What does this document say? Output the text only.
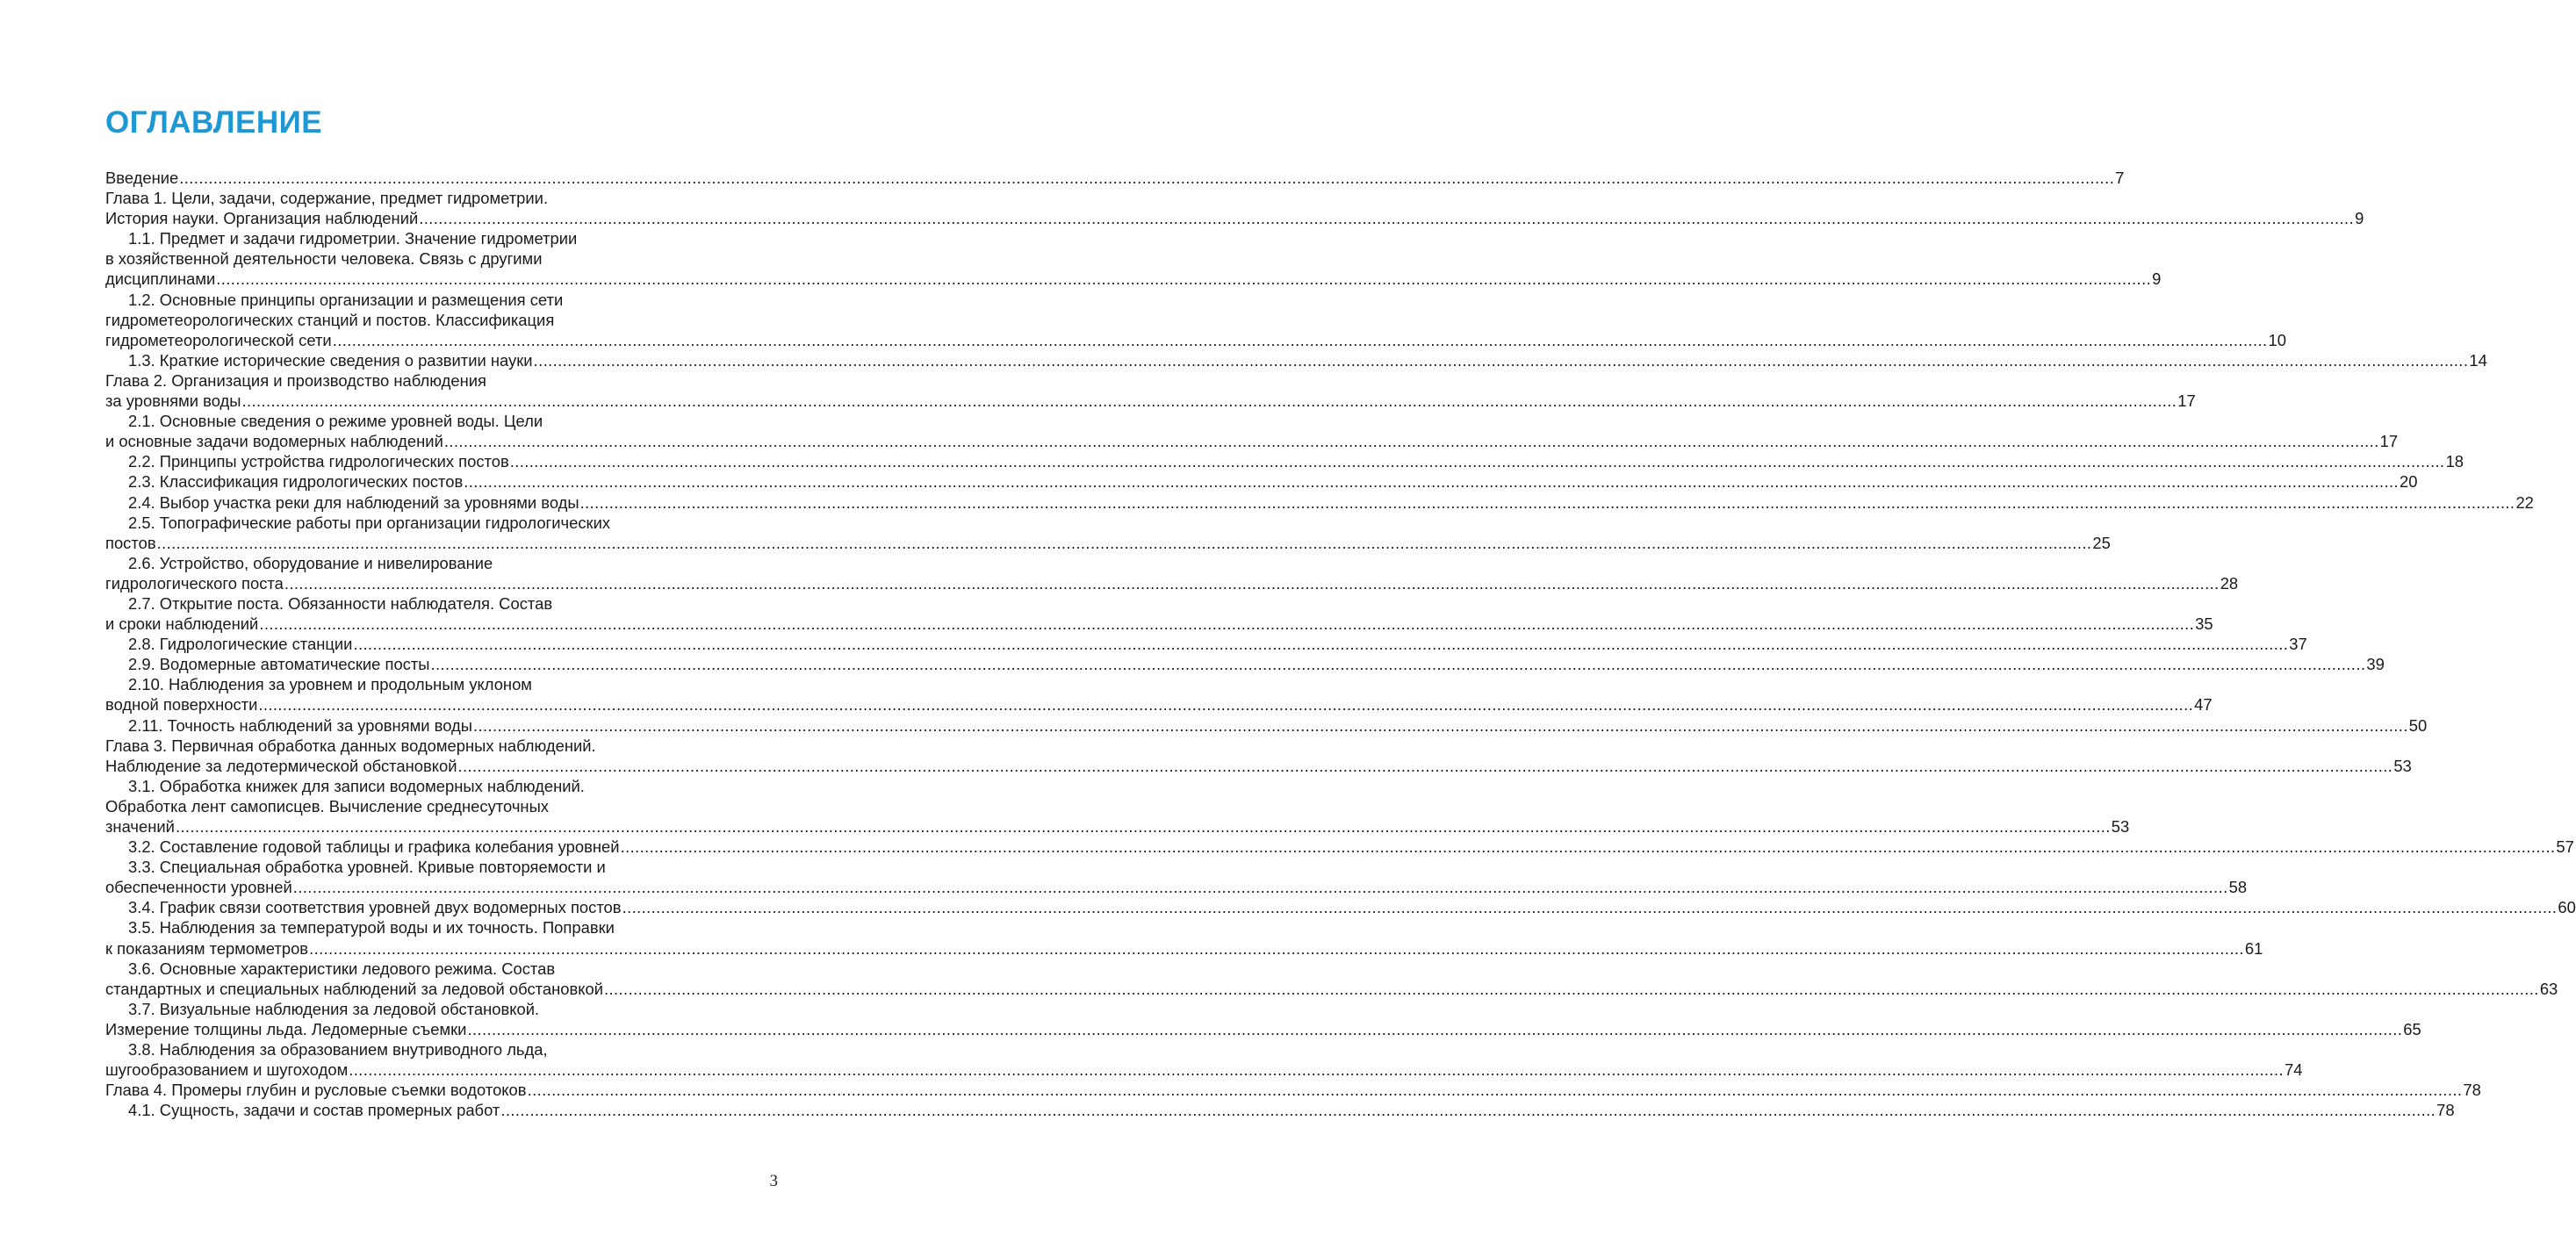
ОГЛАВЛЕНИЕ
Введение ................................................................................................................................................................................................................................................................................................................................................................................................................ 7
Глава 1. Цели, задачи, содержание, предмет гидрометрии.
История науки. Организация наблюдений ................................................................................................................................................................................................................................................................................................................................................................................................................ 9
1.1. Предмет и задачи гидрометрии. Значение гидрометрии
в хозяйственной деятельности человека. Связь с другими
дисциплинами ................................................................................................................................................................................................................................................................................................................................................................................................................ 9
1.2. Основные принципы организации и размещения сети
гидрометеорологических станций и постов. Классификация
гидрометеорологической сети ................................................................................................................................................................................................................................................................................................................................................................................................................ 10
1.3. Краткие исторические сведения о развитии науки ................................................................................................................................................................................................................................................................................................................................................................................................................ 14
Глава 2. Организация и производство наблюдения
за уровнями воды ................................................................................................................................................................................................................................................................................................................................................................................................................ 17
2.1. Основные сведения о режиме уровней воды. Цели
и основные задачи водомерных наблюдений ................................................................................................................................................................................................................................................................................................................................................................................................................ 17
2.2. Принципы устройства гидрологических постов ................................................................................................................................................................................................................................................................................................................................................................................................................ 18
2.3. Классификация гидрологических постов ................................................................................................................................................................................................................................................................................................................................................................................................................ 20
2.4. Выбор участка реки для наблюдений за уровнями воды ................................................................................................................................................................................................................................................................................................................................................................................................................ 22
2.5. Топографические работы при организации гидрологических
постов ................................................................................................................................................................................................................................................................................................................................................................................................................ 25
2.6. Устройство, оборудование и нивелирование
гидрологического поста ................................................................................................................................................................................................................................................................................................................................................................................................................ 28
2.7. Открытие поста. Обязанности наблюдателя. Состав
и сроки наблюдений ................................................................................................................................................................................................................................................................................................................................................................................................................ 35
2.8. Гидрологические станции ................................................................................................................................................................................................................................................................................................................................................................................................................ 37
2.9. Водомерные автоматические посты ................................................................................................................................................................................................................................................................................................................................................................................................................ 39
2.10. Наблюдения за уровнем и продольным уклоном
водной поверхности ................................................................................................................................................................................................................................................................................................................................................................................................................ 47
2.11. Точность наблюдений за уровнями воды ................................................................................................................................................................................................................................................................................................................................................................................................................ 50
Глава 3. Первичная обработка данных водомерных наблюдений.
Наблюдение за ледотермической обстановкой ................................................................................................................................................................................................................................................................................................................................................................................................................ 53
3.1. Обработка книжек для записи водомерных наблюдений.
Обработка лент самописцев. Вычисление среднесуточных
значений ................................................................................................................................................................................................................................................................................................................................................................................................................ 53
3.2. Составление годовой таблицы и графика колебания уровней ................................................................................................................................................................................................................................................................................................................................................................................................................ 57
3.3. Специальная обработка уровней. Кривые повторяемости и
обеспеченности уровней ................................................................................................................................................................................................................................................................................................................................................................................................................ 58
3.4. График связи соответствия уровней двух водомерных постов ................................................................................................................................................................................................................................................................................................................................................................................................................ 60
3.5. Наблюдения за температурой воды и их точность. Поправки
к показаниям термометров ................................................................................................................................................................................................................................................................................................................................................................................................................ 61
3.6. Основные характеристики ледового режима. Состав
стандартных и специальных наблюдений за ледовой обстановкой ................................................................................................................................................................................................................................................................................................................................................................................................................ 63
3.7. Визуальные наблюдения за ледовой обстановкой.
Измерение толщины льда. Ледомерные съемки ................................................................................................................................................................................................................................................................................................................................................................................................................ 65
3.8. Наблюдения за образованием внутриводного льда,
шугообразованием и шугоходом ................................................................................................................................................................................................................................................................................................................................................................................................................ 74
Глава 4. Промеры глубин и русловые съемки водотоков ................................................................................................................................................................................................................................................................................................................................................................................................................ 78
4.1. Сущность, задачи и состав промерных работ ................................................................................................................................................................................................................................................................................................................................................................................................................ 78
3
